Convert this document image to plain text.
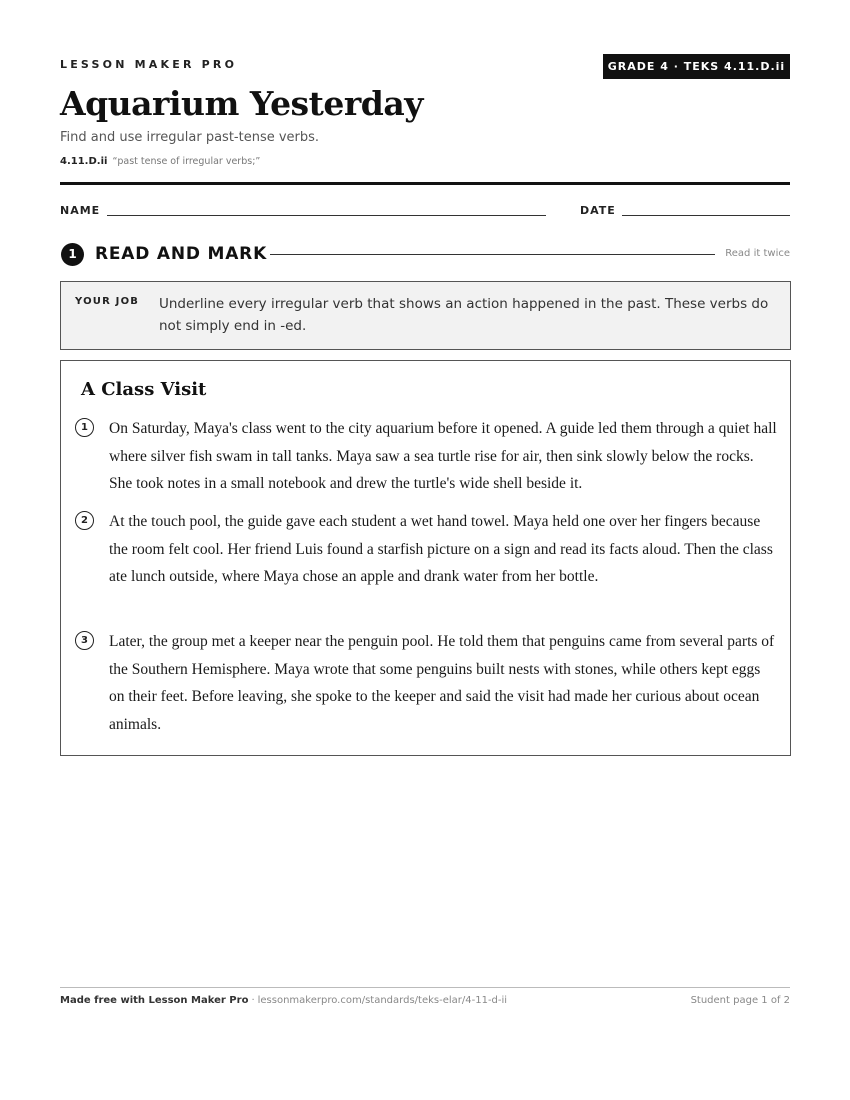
LESSON MAKER PRO	GRADE 4 · TEKS 4.11.D.ii
Aquarium Yesterday
Find and use irregular past-tense verbs.
4.11.D.ii “past tense of irregular verbs;”
NAME	DATE
1	READ AND MARK	Read it twice
YOUR JOB Underline every irregular verb that shows an action happened in the past. These verbs do not simply end in -ed.
A Class Visit
1	On Saturday, Maya's class went to the city aquarium before it opened. A guide led them through a quiet hall where silver fish swam in tall tanks. Maya saw a sea turtle rise for air, then sink slowly below the rocks. She took notes in a small notebook and drew the turtle's wide shell beside it.
2	At the touch pool, the guide gave each student a wet hand towel. Maya held one over her fingers because the room felt cool. Her friend Luis found a starfish picture on a sign and read its facts aloud. Then the class ate lunch outside, where Maya chose an apple and drank water from her bottle.
3	Later, the group met a keeper near the penguin pool. He told them that penguins came from several parts of the Southern Hemisphere. Maya wrote that some penguins built nests with stones, while others kept eggs on their feet. Before leaving, she spoke to the keeper and said the visit had made her curious about ocean animals.
Made free with Lesson Maker Pro · lessonmakerpro.com/standards/teks-elar/4-11-d-ii	Student page 1 of 2
